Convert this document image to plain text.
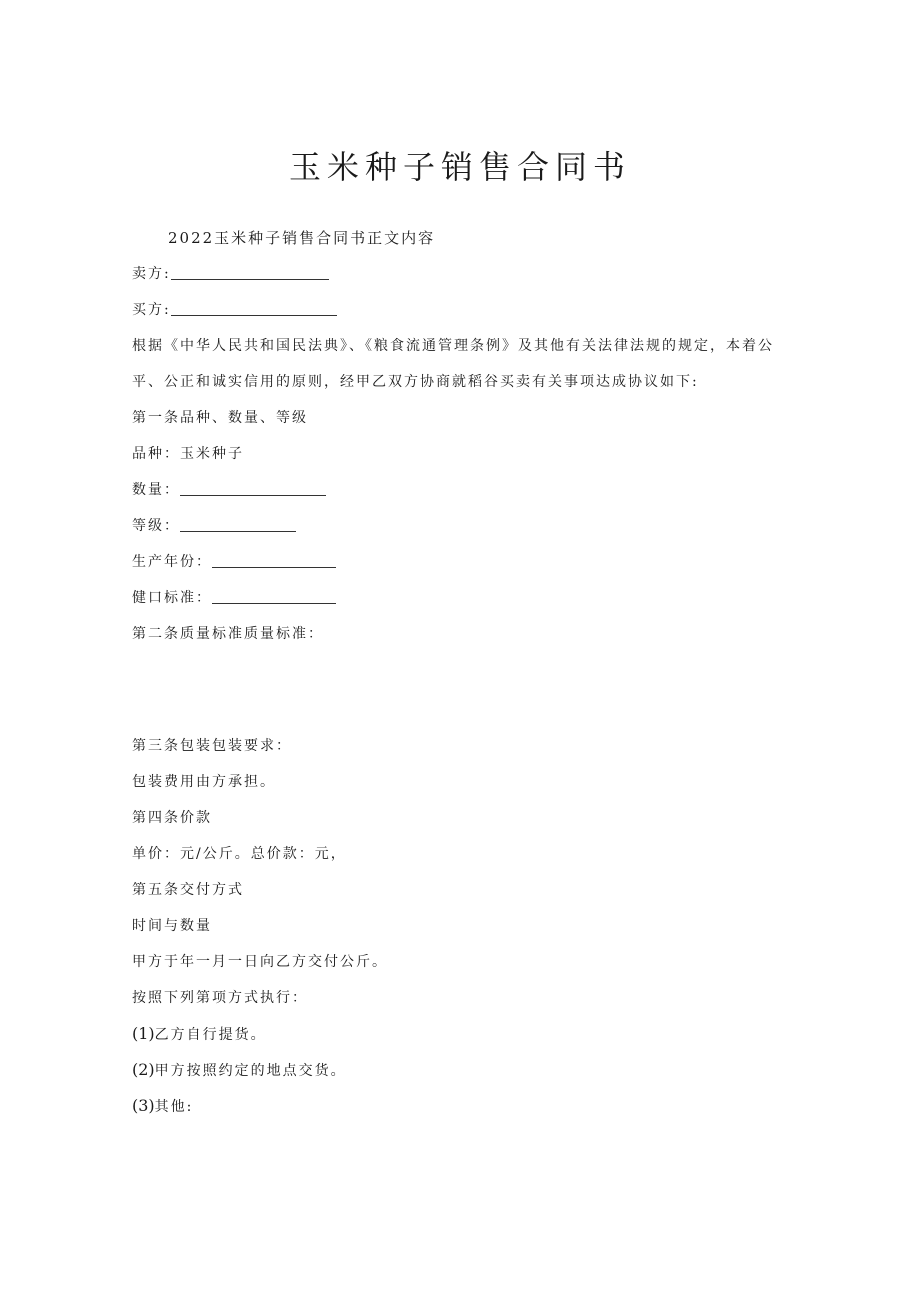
玉米种子销售合同书
2022玉米种子销售合同书正文内容
卖方:
买方:
根据《中华人民共和国民法典》、《粮食流通管理条例》及其他有关法律法规的规定，本着公
平、公正和诚实信用的原则，经甲乙双方协商就稻谷买卖有关事项达成协议如下:
第一条品种、数量、等级
品种：玉米种子
数量：
等级：
生产年份：
健口标准：
第二条质量标准质量标准：
第三条包装包装要求：
包装费用由方承担。
第四条价款
单价：元/公斤。总价款：元，
第五条交付方式
时间与数量
甲方于年一月一日向乙方交付公斤。
按照下列第项方式执行：
(1)乙方自行提货。
(2)甲方按照约定的地点交货。
(3)其他:
